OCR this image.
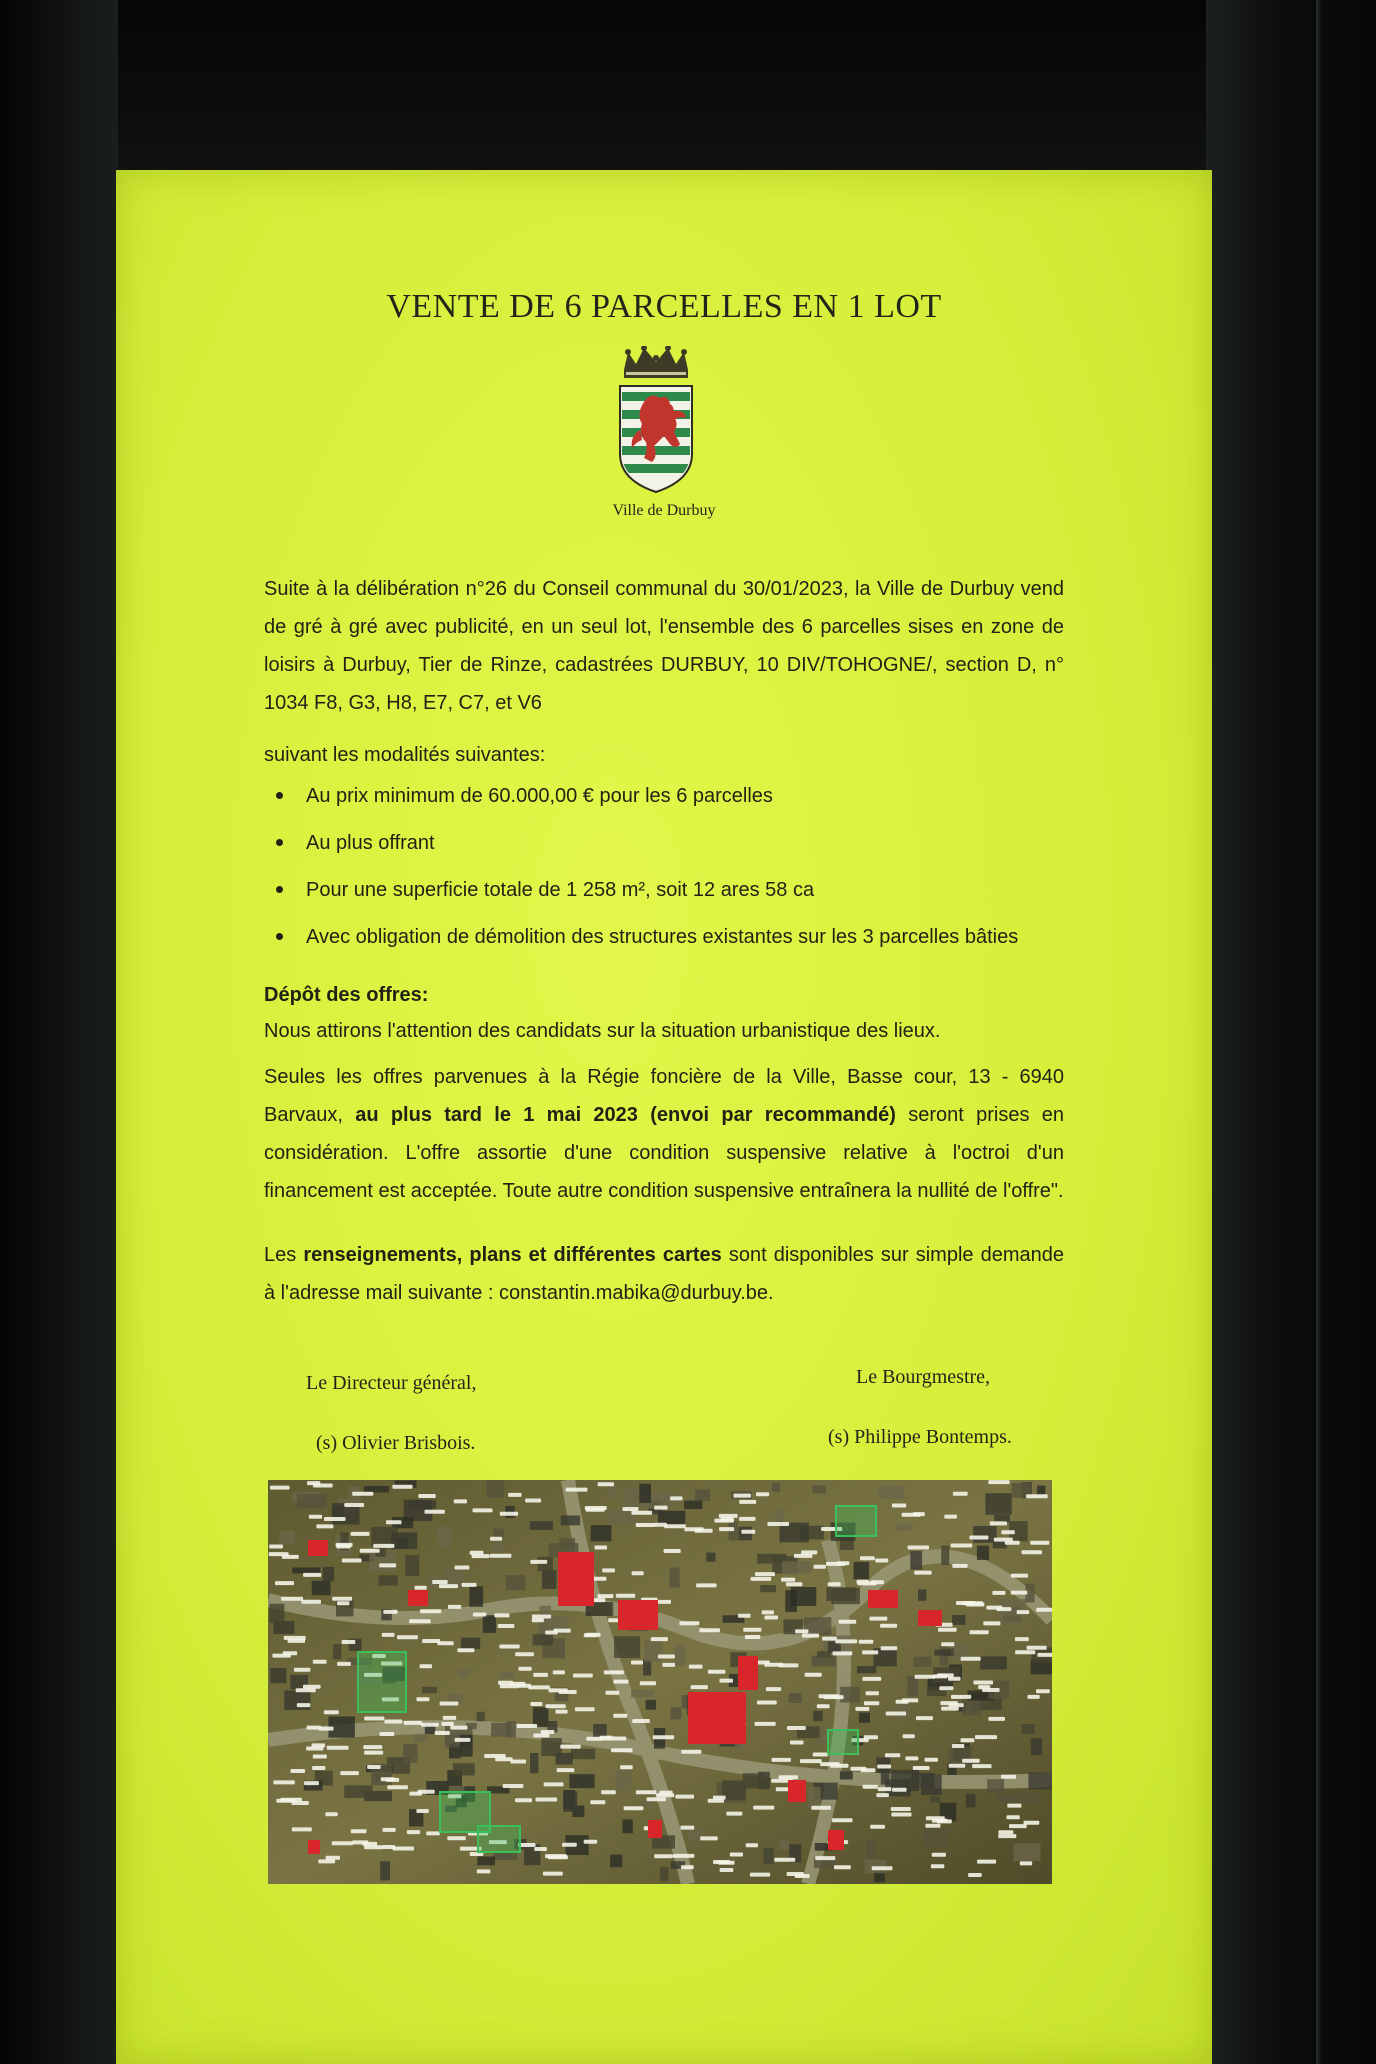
VENTE DE 6 PARCELLES EN 1 LOT
Ville de Durbuy
Suite à la délibération n°26 du Conseil communal du 30/01/2023, la Ville de Durbuy vend de gré à gré avec publicité, en un seul lot, l'ensemble des 6 parcelles sises en zone de loisirs à Durbuy, Tier de Rinze, cadastrées DURBUY, 10 DIV/TOHOGNE/, section D, n° 1034 F8, G3, H8, E7, C7, et V6
suivant les modalités suivantes:
Au prix minimum de 60.000,00 € pour les 6 parcelles
Au plus offrant
Pour une superficie totale de 1 258 m², soit 12 ares 58 ca
Avec obligation de démolition des structures existantes sur les 3 parcelles bâties
Dépôt des offres:
Nous attirons l'attention des candidats sur la situation urbanistique des lieux.
Seules les offres parvenues à la Régie foncière de la Ville, Basse cour, 13 - 6940 Barvaux, au plus tard le 1 mai 2023 (envoi par recommandé) seront prises en considération. L'offre assortie d'une condition suspensive relative à l'octroi d'un financement est acceptée. Toute autre condition suspensive entraînera la nullité de l'offre".
Les renseignements, plans et différentes cartes sont disponibles sur simple demande à l'adresse mail suivante : constantin.mabika@durbuy.be.
Le Directeur général,
(s) Olivier Brisbois.
Le Bourgmestre,
(s) Philippe Bontemps.
